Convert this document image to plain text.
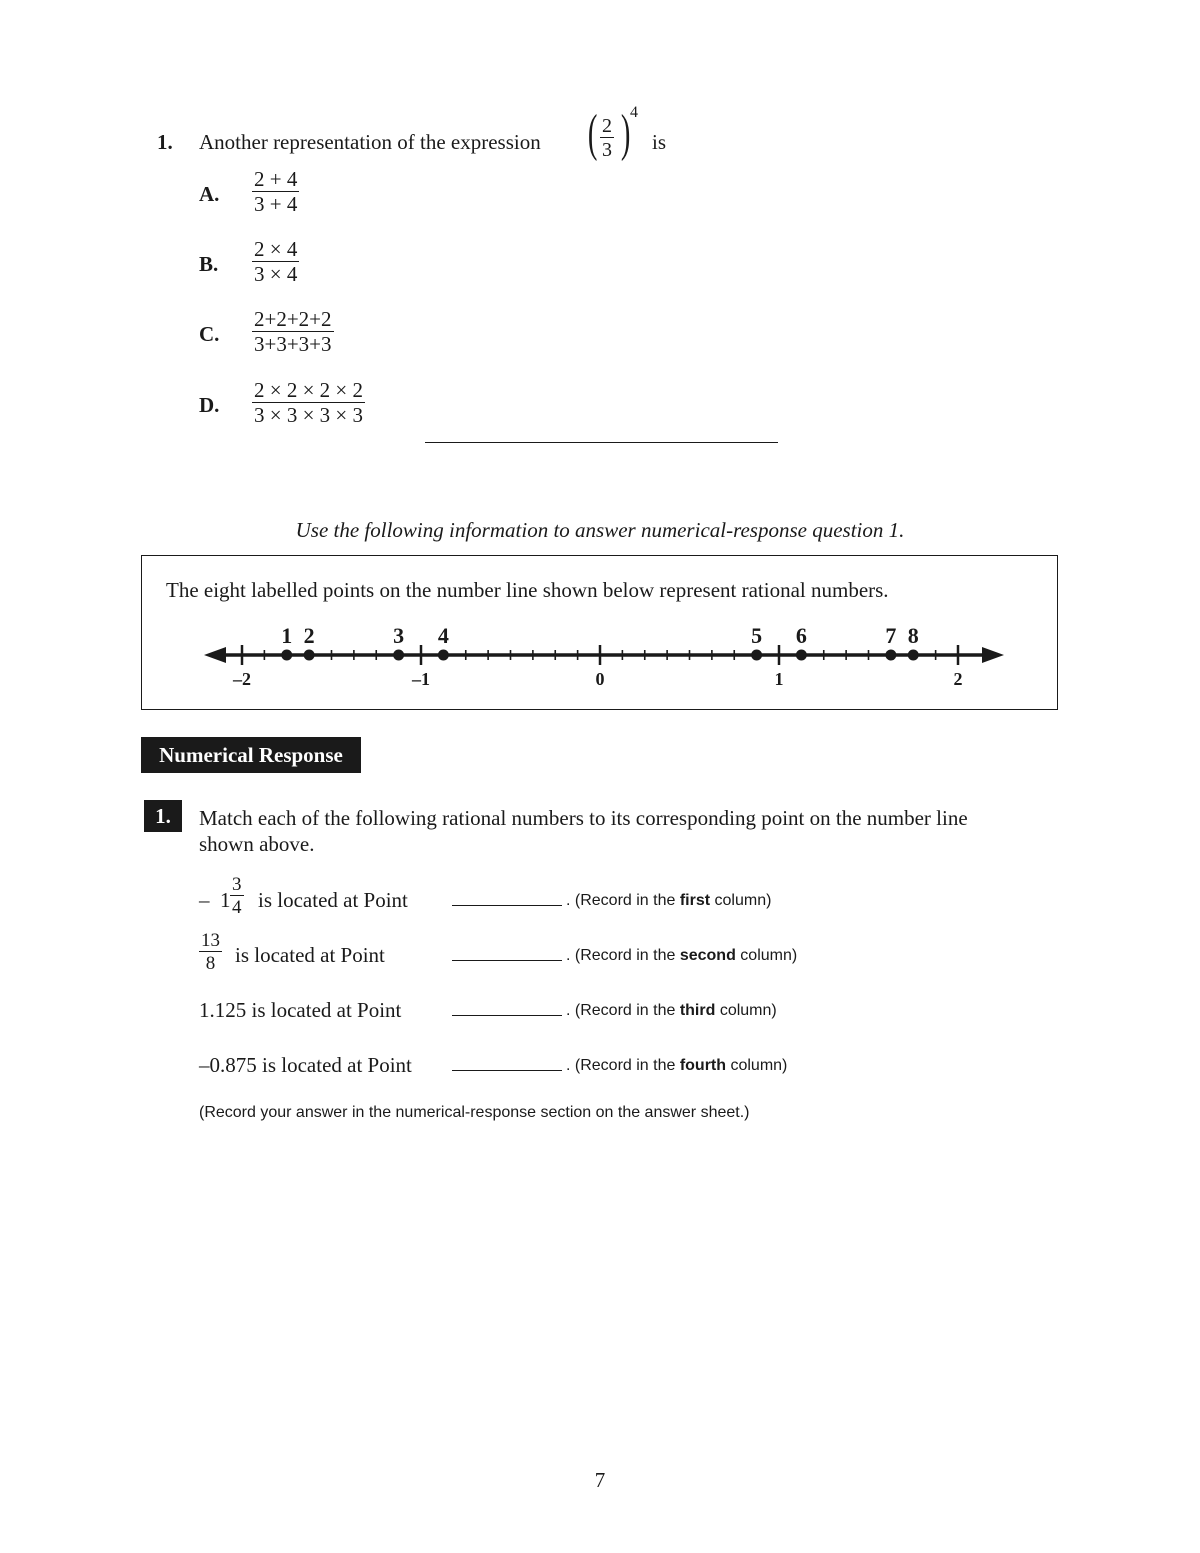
1. Another representation of the expression ( $\frac{2}{3}$ ) 4
is
A. $\frac{2 + 4}{3 + 4}$
B. $\frac{2 \times 4}{3 \times 4}$
C. $\frac{2+2+2+2}{3+3+3+3}$
D. $\frac{2 \times 2 \times 2 \times 2}{3 \times 3 \times 3 \times 3}$
Use the following information to answer numerical-response question 1.
The eight labelled points on the number line shown below represent rational numbers.
–2	–1	0	1	2
1 2	3 4	5 6	7 8
Numerical Response
1.	Match each of the following rational numbers to its corresponding point on the number line
shown above.
– $1 \frac{3}{4}$ is located at Point	. (Record in the first column)
$\frac{13}{8}$ is located at Point	. (Record in the second column)
1.125 is located at Point	. (Record in the third column)
–0.875 is located at Point	. (Record in the fourth column)
(Record your answer in the numerical-response section on the answer sheet.)
7
